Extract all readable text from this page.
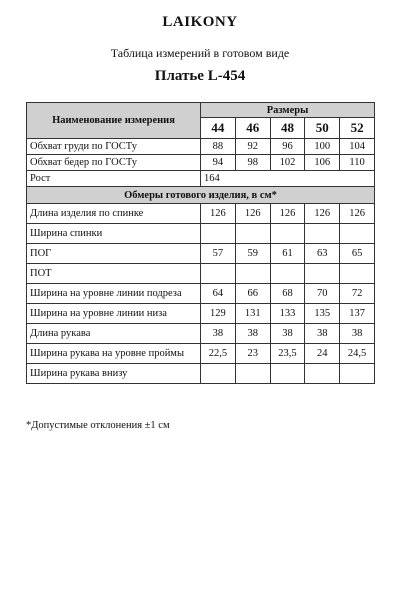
LAIKONY
Таблица измерений в готовом виде
Платье L-454
Наименование измерения	Размеры				
	44	46	48	50	52
Обхват груди по ГОСТу	88	92	96	100	104
Обхват бедер по ГОСТу	94	98	102	106	110
Рост	164				
Обмеры готового изделия, в см*					
Длина изделия по спинке	126	126	126	126	126
Ширина спинки					
ПОГ	57	59	61	63	65
ПОТ					
Ширина на уровне линии подреза	64	66	68	70	72
Ширина на уровне линии низа	129	131	133	135	137
Длина рукава	38	38	38	38	38
Ширина рукава на уровне проймы	22,5	23	23,5	24	24,5
Ширина рукава внизу					
*Допустимые отклонения ±1 см
